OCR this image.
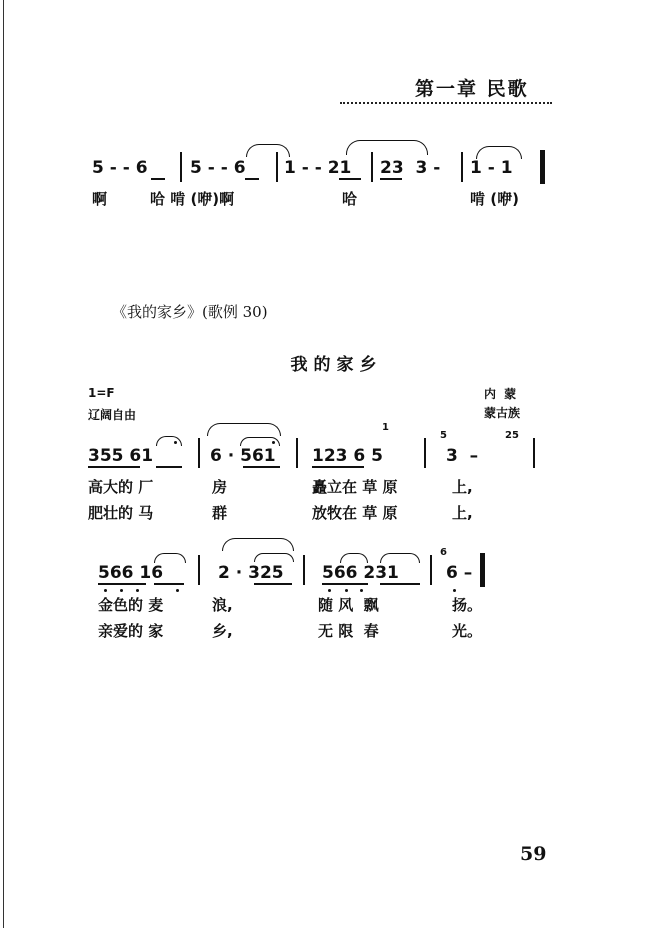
第一章 民歌
5 - - 6 5 - - 6 1 - - 21 23  3 - 1 - 1
啊	哈 啃 (咿)啊	哈	啃 (咿)
《我的家乡》(歌例 30)
我的家乡
1=F
辽阔自由
内 蒙
蒙古族
355 61	6 · 561 123 6 5	3  –
1
5	25
高大的 厂	房	矗立在 草 原	上,
肥壮的 马	群	放牧在 草 原	上,
566 16	2 · 325 566 231	6 –
6
金色的 麦	浪,	随 风  飘	扬。
亲爱的 家	乡,	无 限  春	光。
59
